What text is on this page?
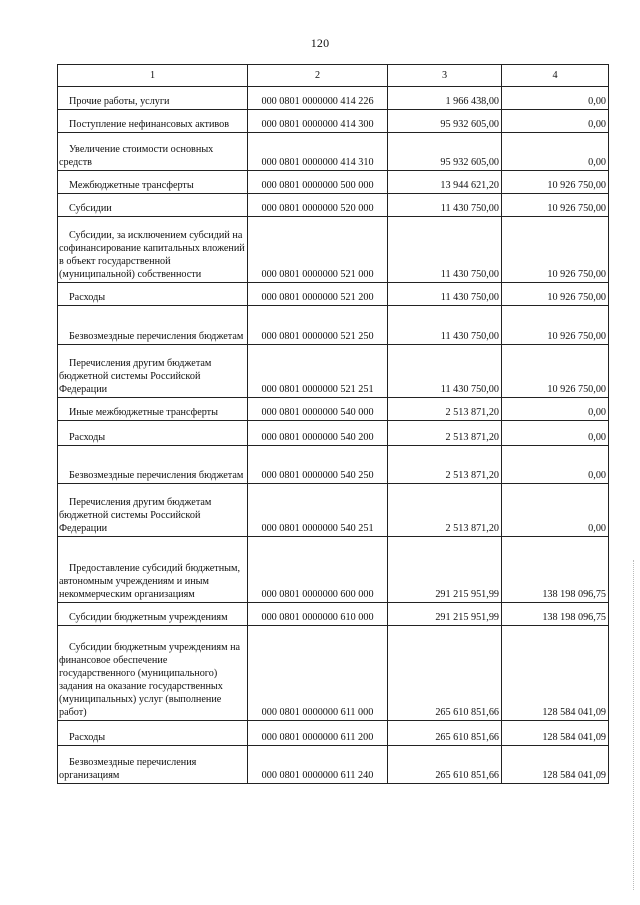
120
1	2	3	4
Прочие работы, услуги	000 0801 0000000 414 226	1 966 438,00	0,00
Поступление нефинансовых активов	000 0801 0000000 414 300	95 932 605,00	0,00
Увеличение стоимости основных средств	000 0801 0000000 414 310	95 932 605,00	0,00
Межбюджетные трансферты	000 0801 0000000 500 000	13 944 621,20	10 926 750,00
Субсидии	000 0801 0000000 520 000	11 430 750,00	10 926 750,00
Субсидии, за исключением субсидий на софинансирование капитальных вложений в объект государственной (муниципальной) собственности	000 0801 0000000 521 000	11 430 750,00	10 926 750,00
Расходы	000 0801 0000000 521 200	11 430 750,00	10 926 750,00
Безвозмездные перечисления бюджетам	000 0801 0000000 521 250	11 430 750,00	10 926 750,00
Перечисления другим бюджетам бюджетной системы Российской Федерации	000 0801 0000000 521 251	11 430 750,00	10 926 750,00
Иные межбюджетные трансферты	000 0801 0000000 540 000	2 513 871,20	0,00
Расходы	000 0801 0000000 540 200	2 513 871,20	0,00
Безвозмездные перечисления бюджетам	000 0801 0000000 540 250	2 513 871,20	0,00
Перечисления другим бюджетам бюджетной системы Российской Федерации	000 0801 0000000 540 251	2 513 871,20	0,00
Предоставление субсидий бюджетным, автономным учреждениям и иным некоммерческим организациям	000 0801 0000000 600 000	291 215 951,99	138 198 096,75
Субсидии бюджетным учреждениям	000 0801 0000000 610 000	291 215 951,99	138 198 096,75
Субсидии бюджетным учреждениям на финансовое обеспечение государственного (муниципального) задания на оказание государственных (муниципальных) услуг (выполнение работ)	000 0801 0000000 611 000	265 610 851,66	128 584 041,09
Расходы	000 0801 0000000 611 200	265 610 851,66	128 584 041,09
Безвозмездные перечисления организациям	000 0801 0000000 611 240	265 610 851,66	128 584 041,09
